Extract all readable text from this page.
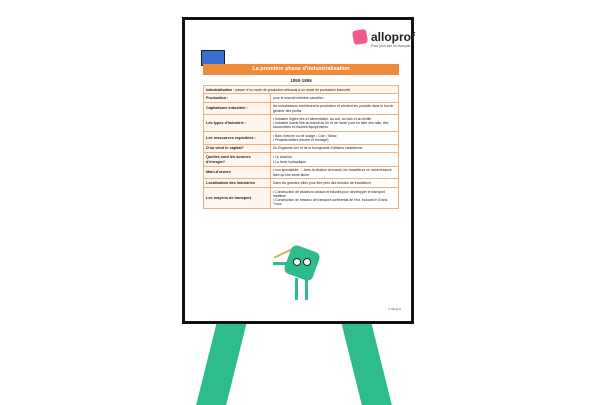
alloprof
Pour plus loin en français
La première phase d'industrialisation
1850-1895
Industrialisation : passer d'un mode de production artisanal à un mode de production industriel	
Production :	pour le marché intérieur canadien
Capitalisme industriel :	les investisseurs contribuent la production et vendent les produits dans le but de générer des profits.
Les types d'industrie :	• Industrie légère liée à l'alimentation, au cuir, au bois et au textile
• Industrie lourde liée au transit du fer et de l'acier pour en faire des rails, des locomotives et d'autres équipements

Les ressources exploitées :	• Bois d'œuvre ou de sciage • Cuir • Tabac
• Produits laitiers (beurre et fromage)

D'où vient le capital?	Du Royaume-Uni et de la bourgeoisie d'affaires canadienne
Quelles sont les sources d'énergie?	• Le charbon
• La force hydraulique

Main-d'œuvre	• non spécialisée → Avec la division du travail, les travailleurs ne doivent savoir faire qu'une seule tâche.

Localisation des industries	Dans les grandes villes pour être près des besoins de travailleurs
Les moyens de transport	• Construction de plusieurs canaux et écluses pour développer le transport maritime
• Construction de réseaux de transport continental de l'est, incluant le Grand Tronc.
© Alloprof
